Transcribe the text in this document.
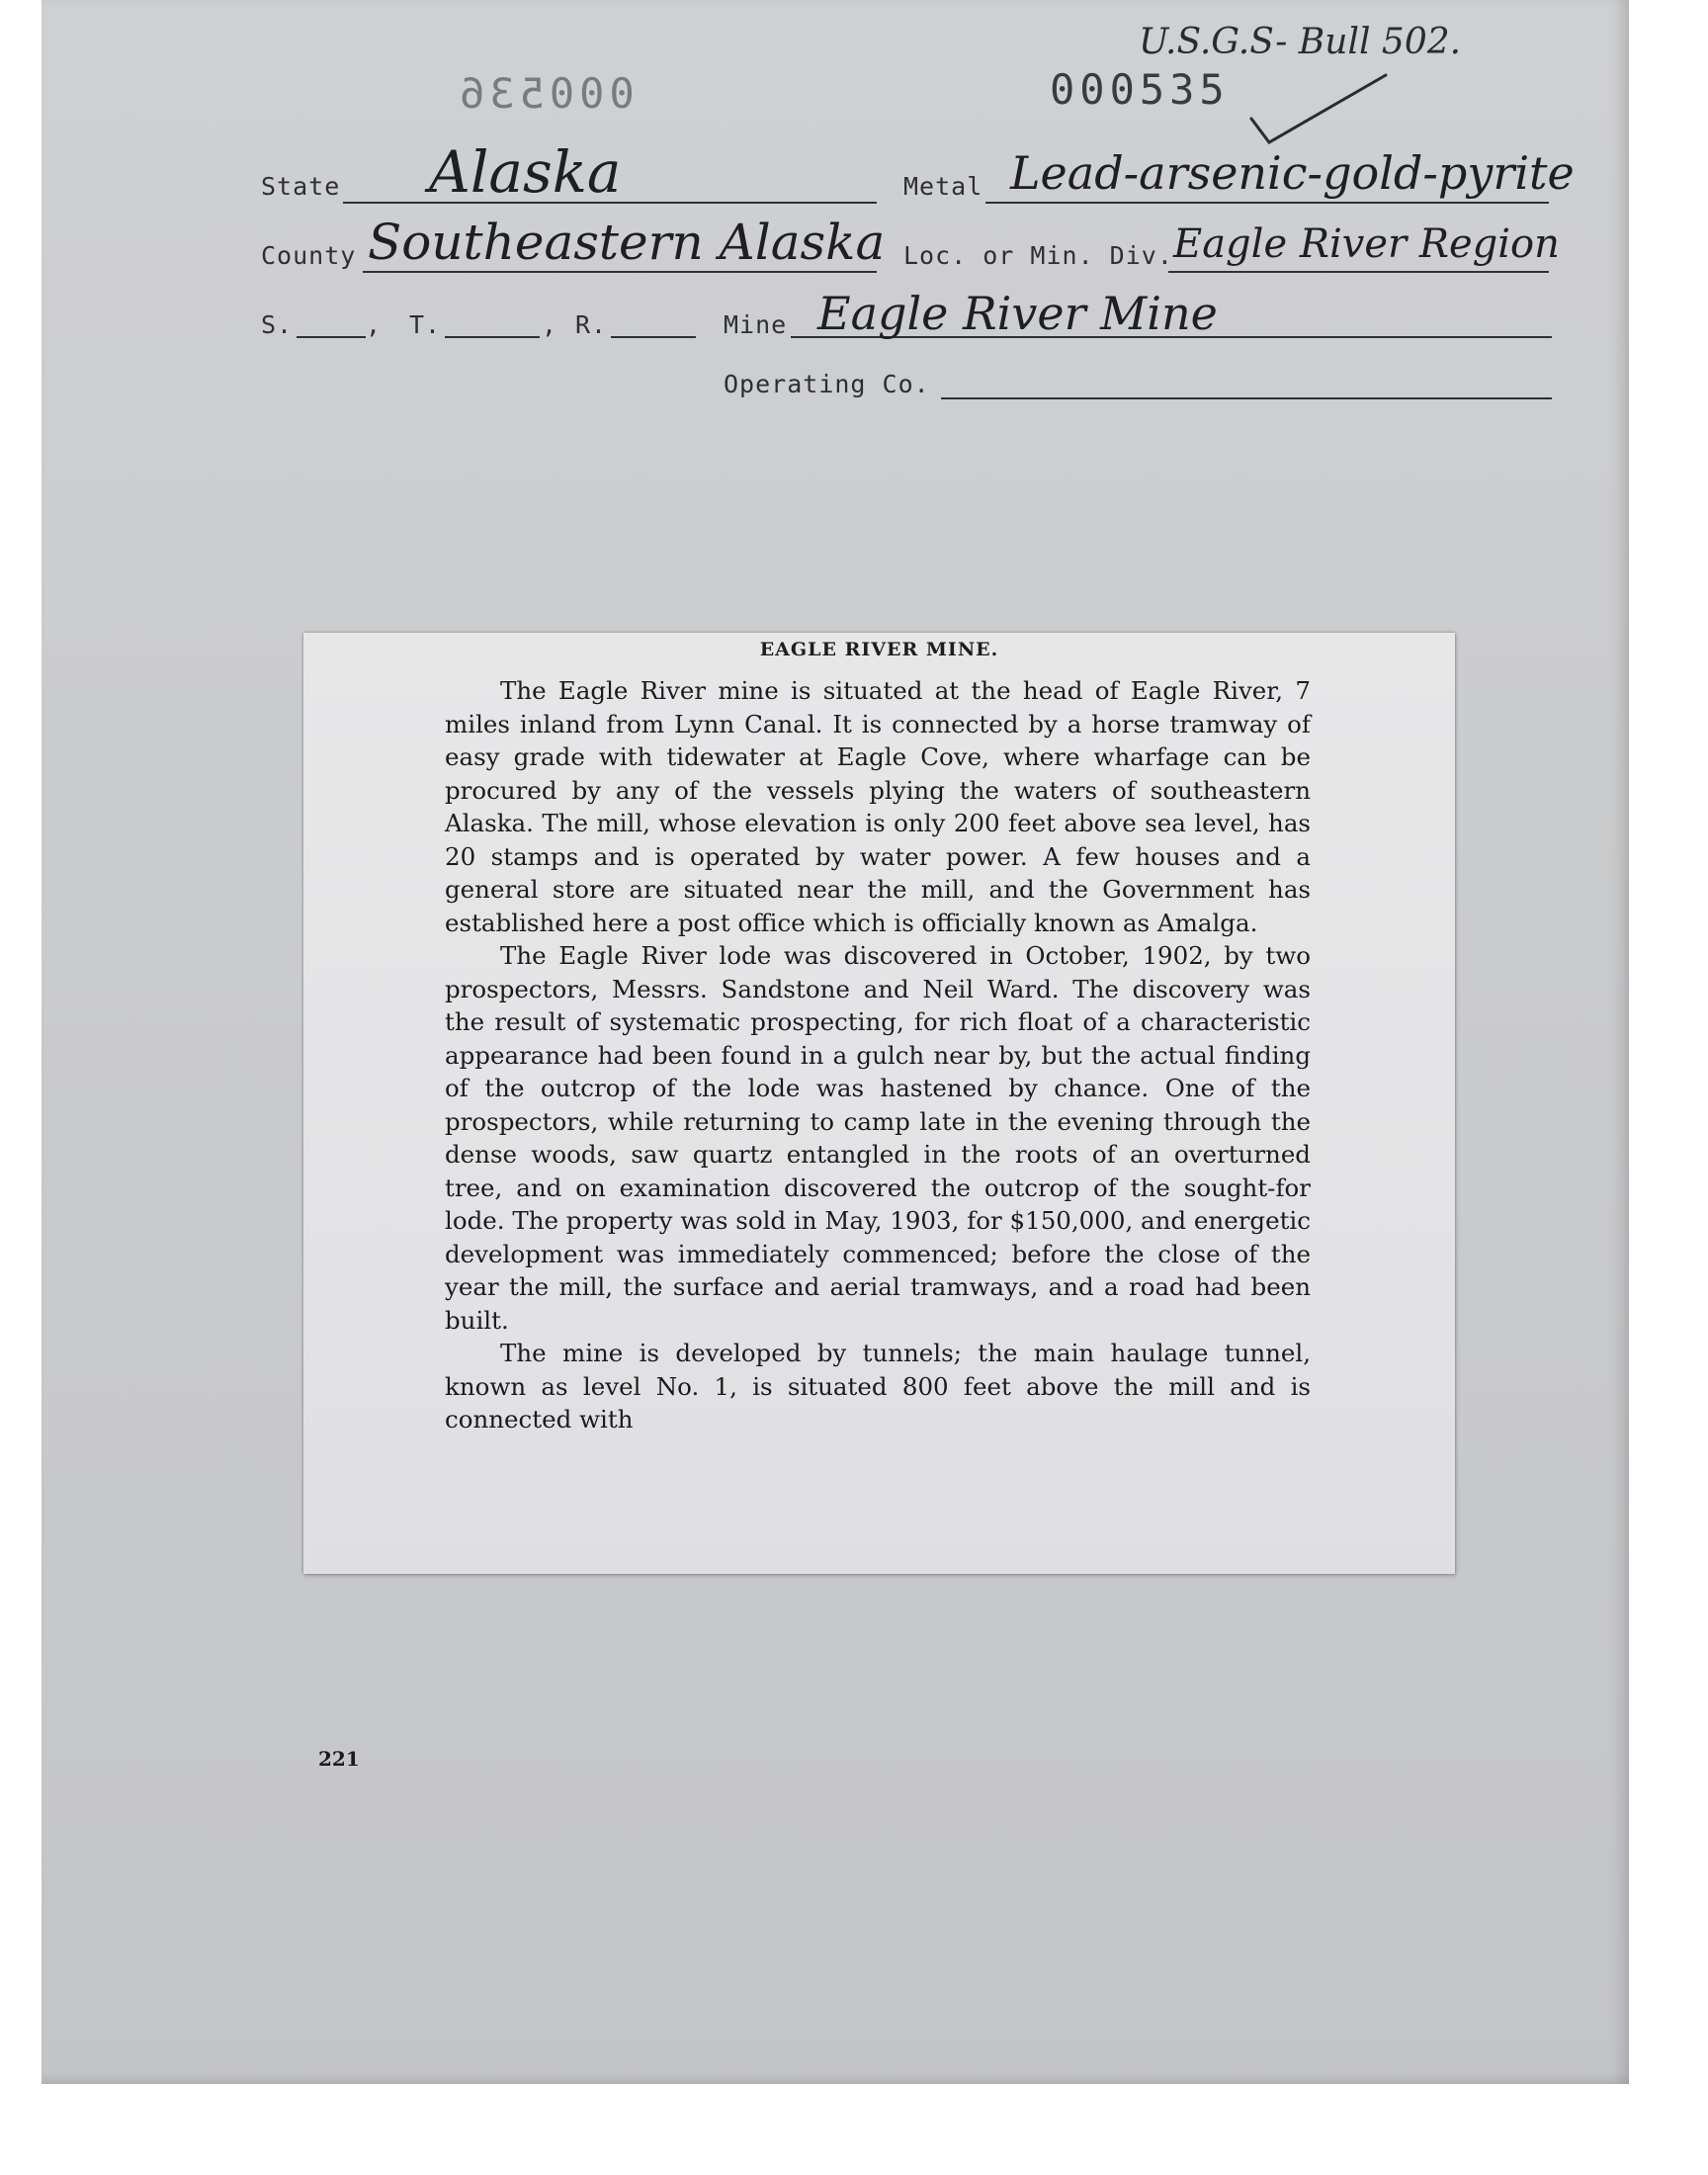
U.S.G.S- Bull 502.
000536	000535
State Alaska	Metal Lead-arsenic-gold-pyrite
County Southeastern Alaska Loc. or Min. Div. Eagle River Region
S.	, T.	, R.	Mine Eagle River Mine
Operating Co.
EAGLE RIVER MINE.

The Eagle River mine is situated at the head of Eagle River, 7 miles inland from Lynn Canal. It is connected by a horse tramway of easy grade with tidewater at Eagle Cove, where wharfage can be procured by any of the vessels plying the waters of southeastern Alaska. The mill, whose elevation is only 200 feet above sea level, has 20 stamps and is operated by water power. A few houses and a general store are situated near the mill, and the Government has established here a post office which is officially known as Amalga.

The Eagle River lode was discovered in October, 1902, by two prospectors, Messrs. Sandstone and Neil Ward. The discovery was the result of systematic prospecting, for rich float of a characteristic appearance had been found in a gulch near by, but the actual finding of the outcrop of the lode was hastened by chance. One of the prospectors, while returning to camp late in the evening through the dense woods, saw quartz entangled in the roots of an overturned tree, and on examination discovered the outcrop of the sought-for lode. The property was sold in May, 1903, for $150,000, and energetic development was immediately commenced; before the close of the year the mill, the surface and aerial tramways, and a road had been built.

The mine is developed by tunnels; the main haulage tunnel, known as level No. 1, is situated 800 feet above the mill and is connected with

221
